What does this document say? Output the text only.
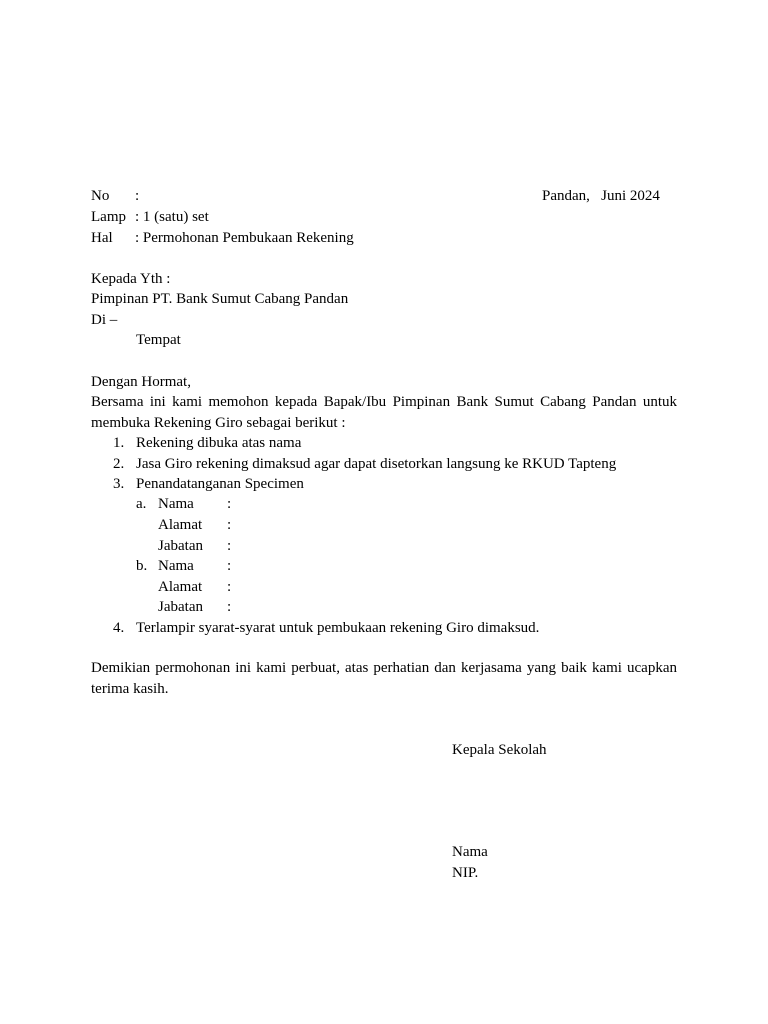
No :	Pandan,   Juni 2024
Lamp : 1 (satu) set
Hal : Permohonan Pembukaan Rekening
Kepada Yth :
Pimpinan PT. Bank Sumut Cabang Pandan
Di –
Tempat
Dengan Hormat,
Bersama ini kami memohon kepada Bapak/Ibu Pimpinan Bank Sumut Cabang Pandan untuk
membuka Rekening Giro sebagai berikut :
1. Rekening dibuka atas nama
2. Jasa Giro rekening dimaksud agar dapat disetorkan langsung ke RKUD Tapteng
3. Penandatanganan Specimen
a. Nama :
Alamat :
Jabatan :
b. Nama :
Alamat :
Jabatan :
4. Terlampir syarat-syarat untuk pembukaan rekening Giro dimaksud.
Demikian permohonan ini kami perbuat, atas perhatian dan kerjasama yang baik kami ucapkan
terima kasih.
Kepala Sekolah
Nama
NIP.
